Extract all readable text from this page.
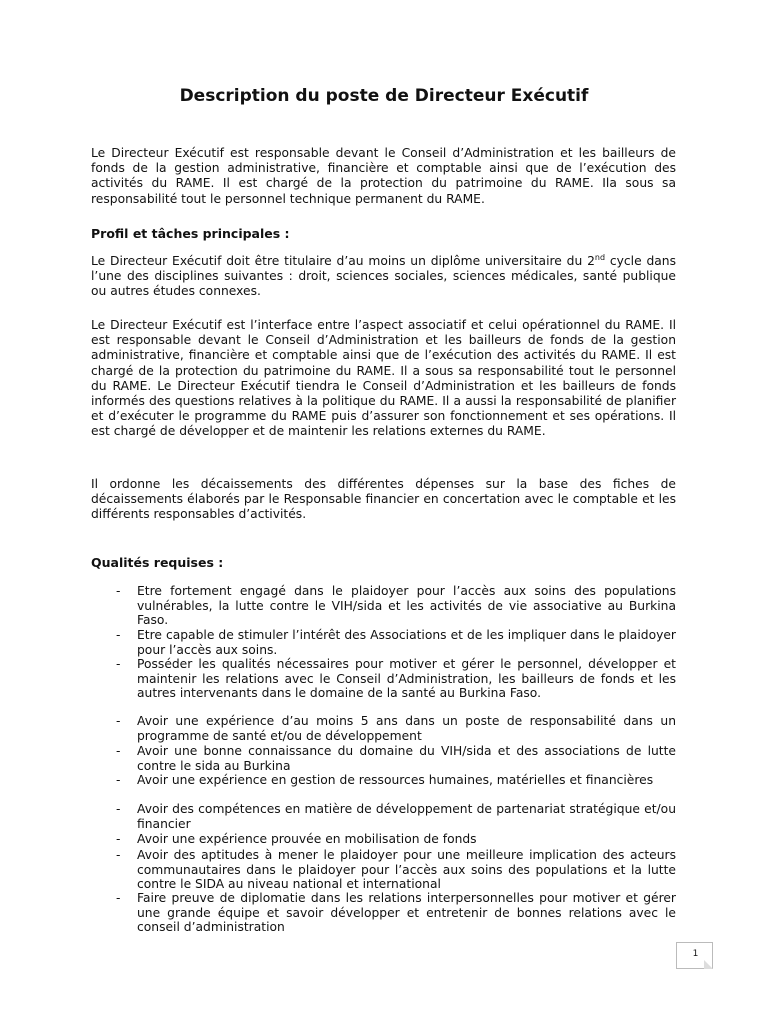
Description du poste de Directeur Exécutif

Le Directeur Exécutif est responsable devant le Conseil d’Administration et les bailleurs de fonds de la gestion administrative, financière et comptable ainsi que de l’exécution des activités du RAME. Il est chargé de la protection du patrimoine du RAME. Ila sous sa responsabilité tout le personnel technique permanent du RAME.

Profil et tâches principales :

Le Directeur Exécutif doit être titulaire d’au moins un diplôme universitaire du 2nd cycle dans l’une des disciplines suivantes : droit, sciences sociales, sciences médicales, santé publique ou autres études connexes.

Le Directeur Exécutif est l’interface entre l’aspect associatif et celui opérationnel du RAME. Il est responsable devant le Conseil d’Administration et les bailleurs de fonds de la gestion administrative, financière et comptable ainsi que de l’exécution des activités du RAME. Il est chargé de la protection du patrimoine du RAME. Il a sous sa responsabilité tout le personnel du RAME. Le Directeur Exécutif tiendra le Conseil d’Administration et les bailleurs de fonds informés des questions relatives à la politique du RAME. Il a aussi la responsabilité de planifier et d’exécuter le programme du RAME puis d’assurer son fonctionnement et ses opérations. Il est chargé de développer et de maintenir les relations externes du RAME.

Il ordonne les décaissements des différentes dépenses sur la base des fiches de décaissements élaborés par le Responsable financier en concertation avec le comptable et les différents responsables d’activités.

Qualités requises :

- Etre fortement engagé dans le plaidoyer pour l’accès aux soins des populations vulnérables, la lutte contre le VIH/sida et les activités de vie associative au Burkina Faso.

- Etre capable de stimuler l’intérêt des Associations et de les impliquer dans le plaidoyer pour l’accès aux soins.

- Posséder les qualités nécessaires pour motiver et gérer le personnel, développer et maintenir les relations avec le Conseil d’Administration, les bailleurs de fonds et les autres intervenants dans le domaine de la santé au Burkina Faso.

- Avoir une expérience d’au moins 5 ans dans un poste de responsabilité dans un programme de santé et/ou de développement

- Avoir une bonne connaissance du domaine du VIH/sida et des associations de lutte contre le sida au Burkina

- Avoir une expérience en gestion de ressources humaines, matérielles et financières

- Avoir des compétences en matière de développement de partenariat stratégique et/ou financier

- Avoir une expérience prouvée en mobilisation de fonds

- Avoir des aptitudes à mener le plaidoyer pour une meilleure implication des acteurs communautaires dans le plaidoyer pour l’accès aux soins des populations et la lutte contre le SIDA au niveau national et international

- Faire preuve de diplomatie dans les relations interpersonnelles pour motiver et gérer une grande équipe et savoir développer et entretenir de bonnes relations avec le conseil d’administration

1
